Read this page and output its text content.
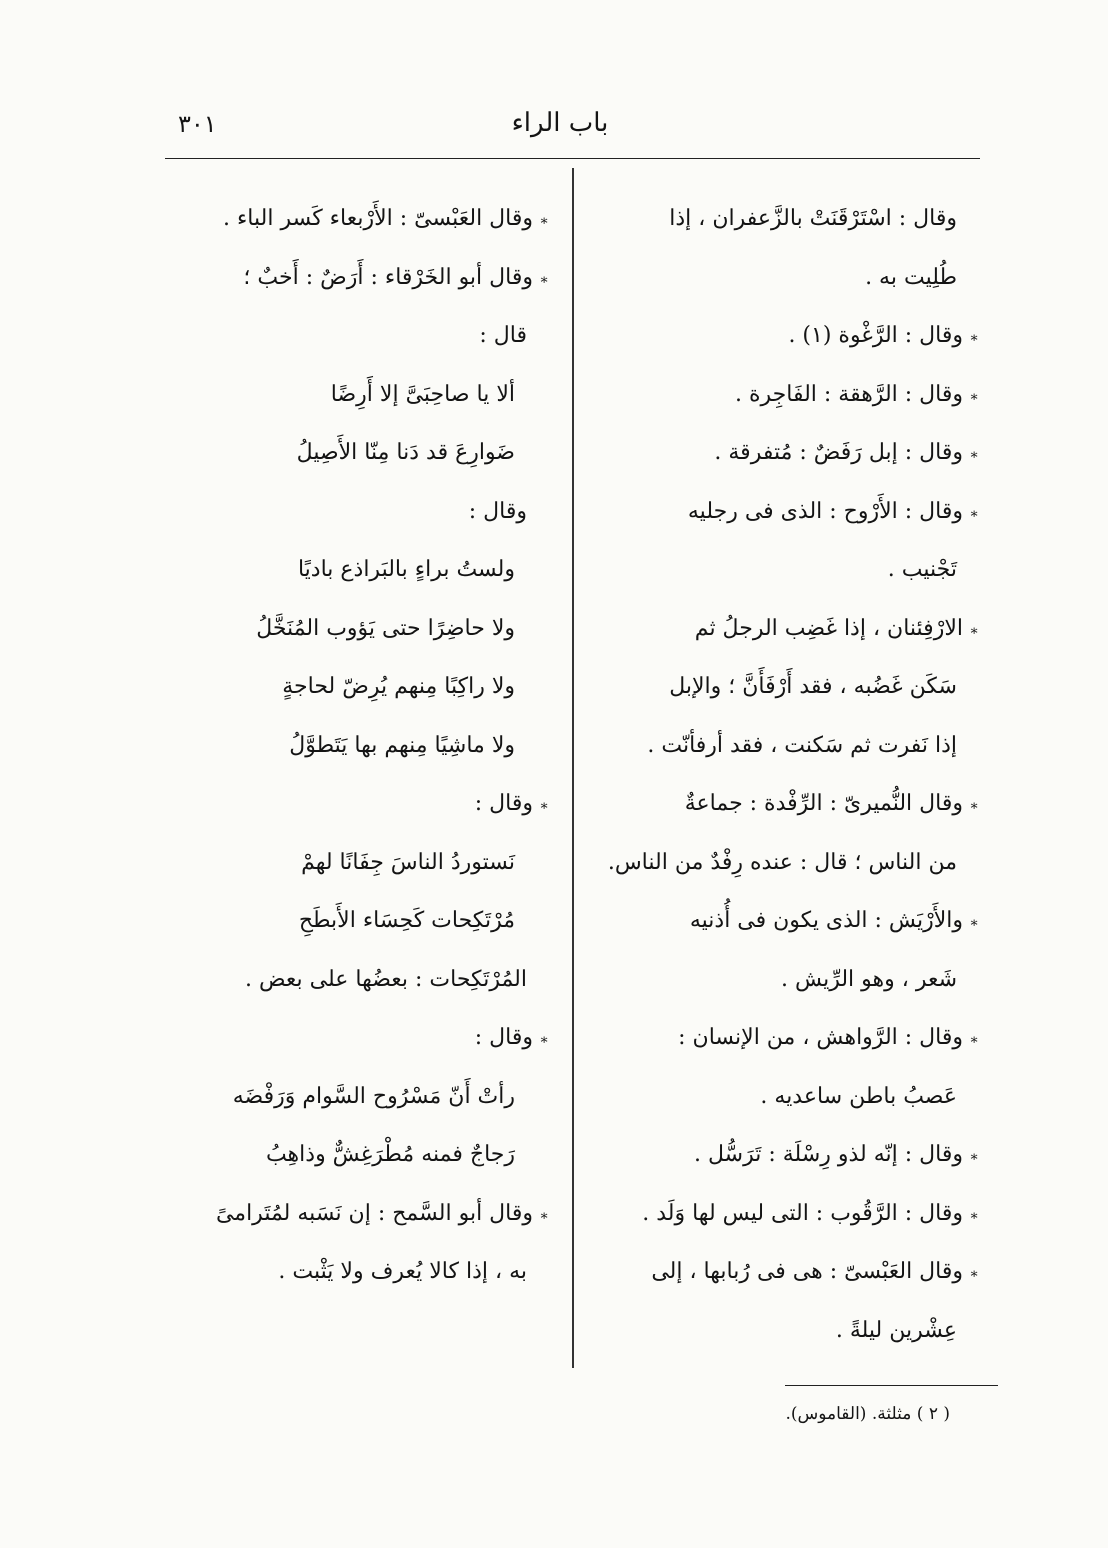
باب الراء
٣٠١
وقال : اسْتَرْقَنَتْ بالزَّعفران ، إذا
طُلِيت به .
∗وقال : الرَّغْوة (١) .
∗وقال : الرَّهقة : الفَاجِرة .
∗وقال : إبل رَفَضٌ : مُتفرقة .
∗وقال : الأَرْوح : الذى فى رجليه
تَجْنيب .
∗الارْفِئنان ، إذا غَضِب الرجلُ ثم
سَكَن غَضُبه ، فقد أَرْفَأَنَّ ؛ والإبل
إذا نَفرت ثم سَكنت ، فقد أرفأنّت .
∗وقال النُّميرىّ : الرِّفْدة : جماعةٌ
من الناس ؛ قال : عنده رِفْدٌ من الناس.
∗والأَرْيَش : الذى يكون فى أُذنيه
شَعر ، وهو الرِّيش .
∗وقال : الرَّواهش ، من الإنسان :
عَصبُ باطن ساعديه .
∗وقال : إنّه لذو رِسْلَة : تَرَسُّل .
∗وقال : الرَّقُوب : التى ليس لها وَلَد .
∗وقال العَبْسىّ : هى فى رُبابها ، إلى
عِشْرين ليلةً .
∗وقال العَبْسىّ : الأَرْبعاء كَسر الباء .
∗وقال أبو الخَرْقاء : أَرَضٌ : أَخبٌ ؛
قال :
ألا يا صاحِبَىَّ إلا أَرِضًا
ضَوارِعَ قد دَنا مِنّا الأَصِيلُ
وقال :
ولستُ براءٍ بالبَراذع باديًا
ولا حاضِرًا حتى يَؤوب المُنَخَّلُ
ولا راكِبًا مِنهم يُرِضّ لحاجةٍ
ولا ماشِيًا مِنهم بها يَتَطوَّلُ
∗وقال :
نَستوردُ الناسَ جِفَانًا لهمْ
مُرْتَكِحات كَحِسَاء الأَبطَحِ
المُرْتَكِحات : بعضُها على بعض .
∗وقال :
رأتْ أَنّ مَسْرُوح السَّوام وَرَفْضَه
رَجاجٌ فمنه مُطْرَغِشٌّ وذاهِبُ
∗وقال أبو السَّمح : إن نَسَبه لمُتَرامىً
به ، إذا كالا يُعرف ولا يَثْبت .
( ٢ ) مثلثة. (القاموس).
